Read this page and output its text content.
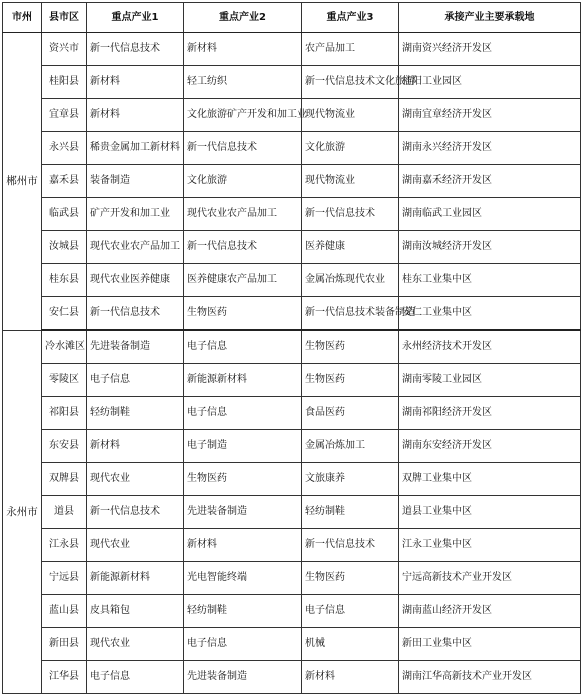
市州	县市区	重点产业1	重点产业2	重点产业3	承接产业主要承载地
郴州市	资兴市	新一代信息技术	新材料	农产品加工	湖南资兴经济开发区
	桂阳县	新材料	轻工纺织	新一代信息技术文化旅游	桂阳工业园区
	宜章县	新材料	文化旅游矿产开发和加工业	现代物流业	湖南宜章经济开发区
	永兴县	稀贵金属加工新材料	新一代信息技术	文化旅游	湖南永兴经济开发区
	嘉禾县	装备制造	文化旅游	现代物流业	湖南嘉禾经济开发区
	临武县	矿产开发和加工业	现代农业农产品加工	新一代信息技术	湖南临武工业园区
	汝城县	现代农业农产品加工	新一代信息技术	医养健康	湖南汝城经济开发区
	桂东县	现代农业医养健康	医养健康农产品加工	金属冶炼现代农业	桂东工业集中区
	安仁县	新一代信息技术	生物医药	新一代信息技术装备制造	安仁工业集中区
永州市	冷水滩区	先进装备制造	电子信息	生物医药	永州经济技术开发区
	零陵区	电子信息	新能源新材料	生物医药	湖南零陵工业园区
	祁阳县	轻纺制鞋	电子信息	食品医药	湖南祁阳经济开发区
	东安县	新材料	电子制造	金属冶炼加工	湖南东安经济开发区
	双牌县	现代农业	生物医药	文旅康养	双牌工业集中区
	道县	新一代信息技术	先进装备制造	轻纺制鞋	道县工业集中区
	江永县	现代农业	新材料	新一代信息技术	江永工业集中区
	宁远县	新能源新材料	光电智能终端	生物医药	宁远高新技术产业开发区
	蓝山县	皮具箱包	轻纺制鞋	电子信息	湖南蓝山经济开发区
	新田县	现代农业	电子信息	机械	新田工业集中区
	江华县	电子信息	先进装备制造	新材料	湖南江华高新技术产业开发区
